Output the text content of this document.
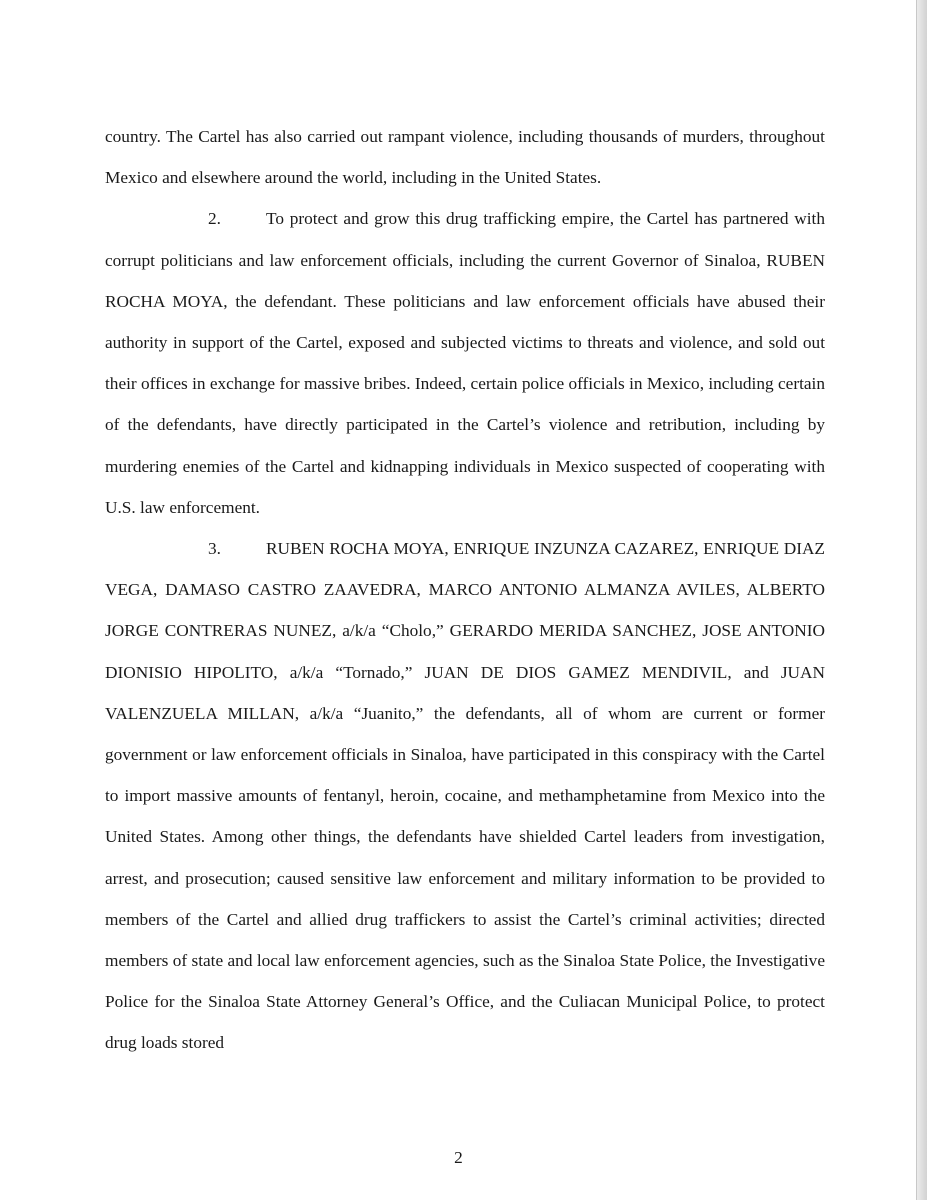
country. The Cartel has also carried out rampant violence, including thousands of murders, throughout Mexico and elsewhere around the world, including in the United States.

2.	To protect and grow this drug trafficking empire, the Cartel has partnered with corrupt politicians and law enforcement officials, including the current Governor of Sinaloa, RUBEN ROCHA MOYA, the defendant. These politicians and law enforcement officials have abused their authority in support of the Cartel, exposed and subjected victims to threats and violence, and sold out their offices in exchange for massive bribes. Indeed, certain police officials in Mexico, including certain of the defendants, have directly participated in the Cartel’s violence and retribution, including by murdering enemies of the Cartel and kidnapping individuals in Mexico suspected of cooperating with U.S. law enforcement.

3.	RUBEN ROCHA MOYA, ENRIQUE INZUNZA CAZAREZ, ENRIQUE DIAZ VEGA, DAMASO CASTRO ZAAVEDRA, MARCO ANTONIO ALMANZA AVILES, ALBERTO JORGE CONTRERAS NUNEZ, a/k/a “Cholo,” GERARDO MERIDA SANCHEZ, JOSE ANTONIO DIONISIO HIPOLITO, a/k/a “Tornado,” JUAN DE DIOS GAMEZ MENDIVIL, and JUAN VALENZUELA MILLAN, a/k/a “Juanito,” the defendants, all of whom are current or former government or law enforcement officials in Sinaloa, have participated in this conspiracy with the Cartel to import massive amounts of fentanyl, heroin, cocaine, and methamphetamine from Mexico into the United States. Among other things, the defendants have shielded Cartel leaders from investigation, arrest, and prosecution; caused sensitive law enforcement and military information to be provided to members of the Cartel and allied drug traffickers to assist the Cartel’s criminal activities; directed members of state and local law enforcement agencies, such as the Sinaloa State Police, the Investigative Police for the Sinaloa State Attorney General’s Office, and the Culiacan Municipal Police, to protect drug loads stored

2
